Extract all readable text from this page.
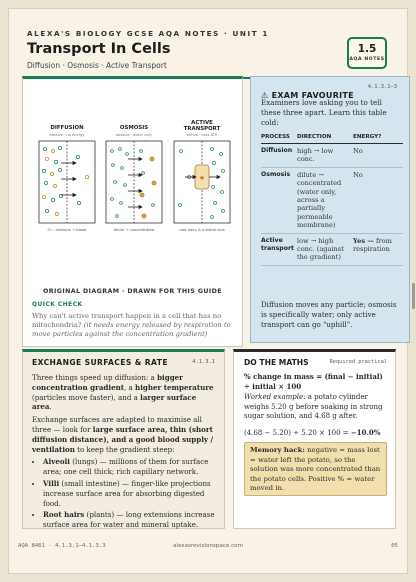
ALEXA'S BIOLOGY GCSE AQA NOTES · UNIT 1
Transport In Cells
Diffusion · Osmosis · Active Transport
1.5
AQA NOTES
DIFFUSION
passive · no energy
OSMOSIS
passive · water only
ACTIVE
TRANSPORT
active · uses ATP
O₂ : alveolus → blood	dilute → concentrated
★
root hairs & mineral ions
ORIGINAL DIAGRAM · DRAWN FOR THIS GUIDE
QUICK CHECK
Why can't active transport happen in a cell that has no mitochondria? (it needs energy released by respiration to move particles against the concentration gradient)
⚠ EXAM FAVOURITE
4.1.3.1–3
Examiners love asking you to tell these three apart. Learn this table cold:
PROCESS	DIRECTION	ENERGY?
Diffusion	high → low conc.	No
Osmosis	dilute → concentrated (water only, across a partially permeable membrane)	No
Active transport	low → high conc. (against the gradient)	Yes — from respiration
Diffusion moves any particle; osmosis is specifically water; only active transport can go "uphill".
EXCHANGE SURFACES & RATE	4.1.3.1

Three things speed up diffusion: a bigger concentration gradient, a higher temperature (particles move faster), and a larger surface area.

Exchange surfaces are adapted to maximise all three — look for large surface area, thin (short diffusion distance), and a good blood supply / ventilation to keep the gradient steep:

• Alveoli (lungs) — millions of them for surface area; one cell thick; rich capillary network.
• Villi (small intestine) — finger-like projections increase surface area for absorbing digested food.
• Root hairs (plants) — long extensions increase surface area for water and mineral uptake.
DO THE MATHS	Required practical
% change in mass = (final − initial) ÷ initial × 100
Worked example: a potato cylinder weighs 5.20 g before soaking in strong sugar solution, and 4.68 g after.
(4.68 − 5.20) ÷ 5.20 × 100 = −10.0%
Memory hack: negative = mass lost = water left the potato, so the solution was more concentrated than the potato cells. Positive % = water moved in.
AQA 8461 · 4.1.3.1–4.1.3.3	alexasrevisionspace.com	05
